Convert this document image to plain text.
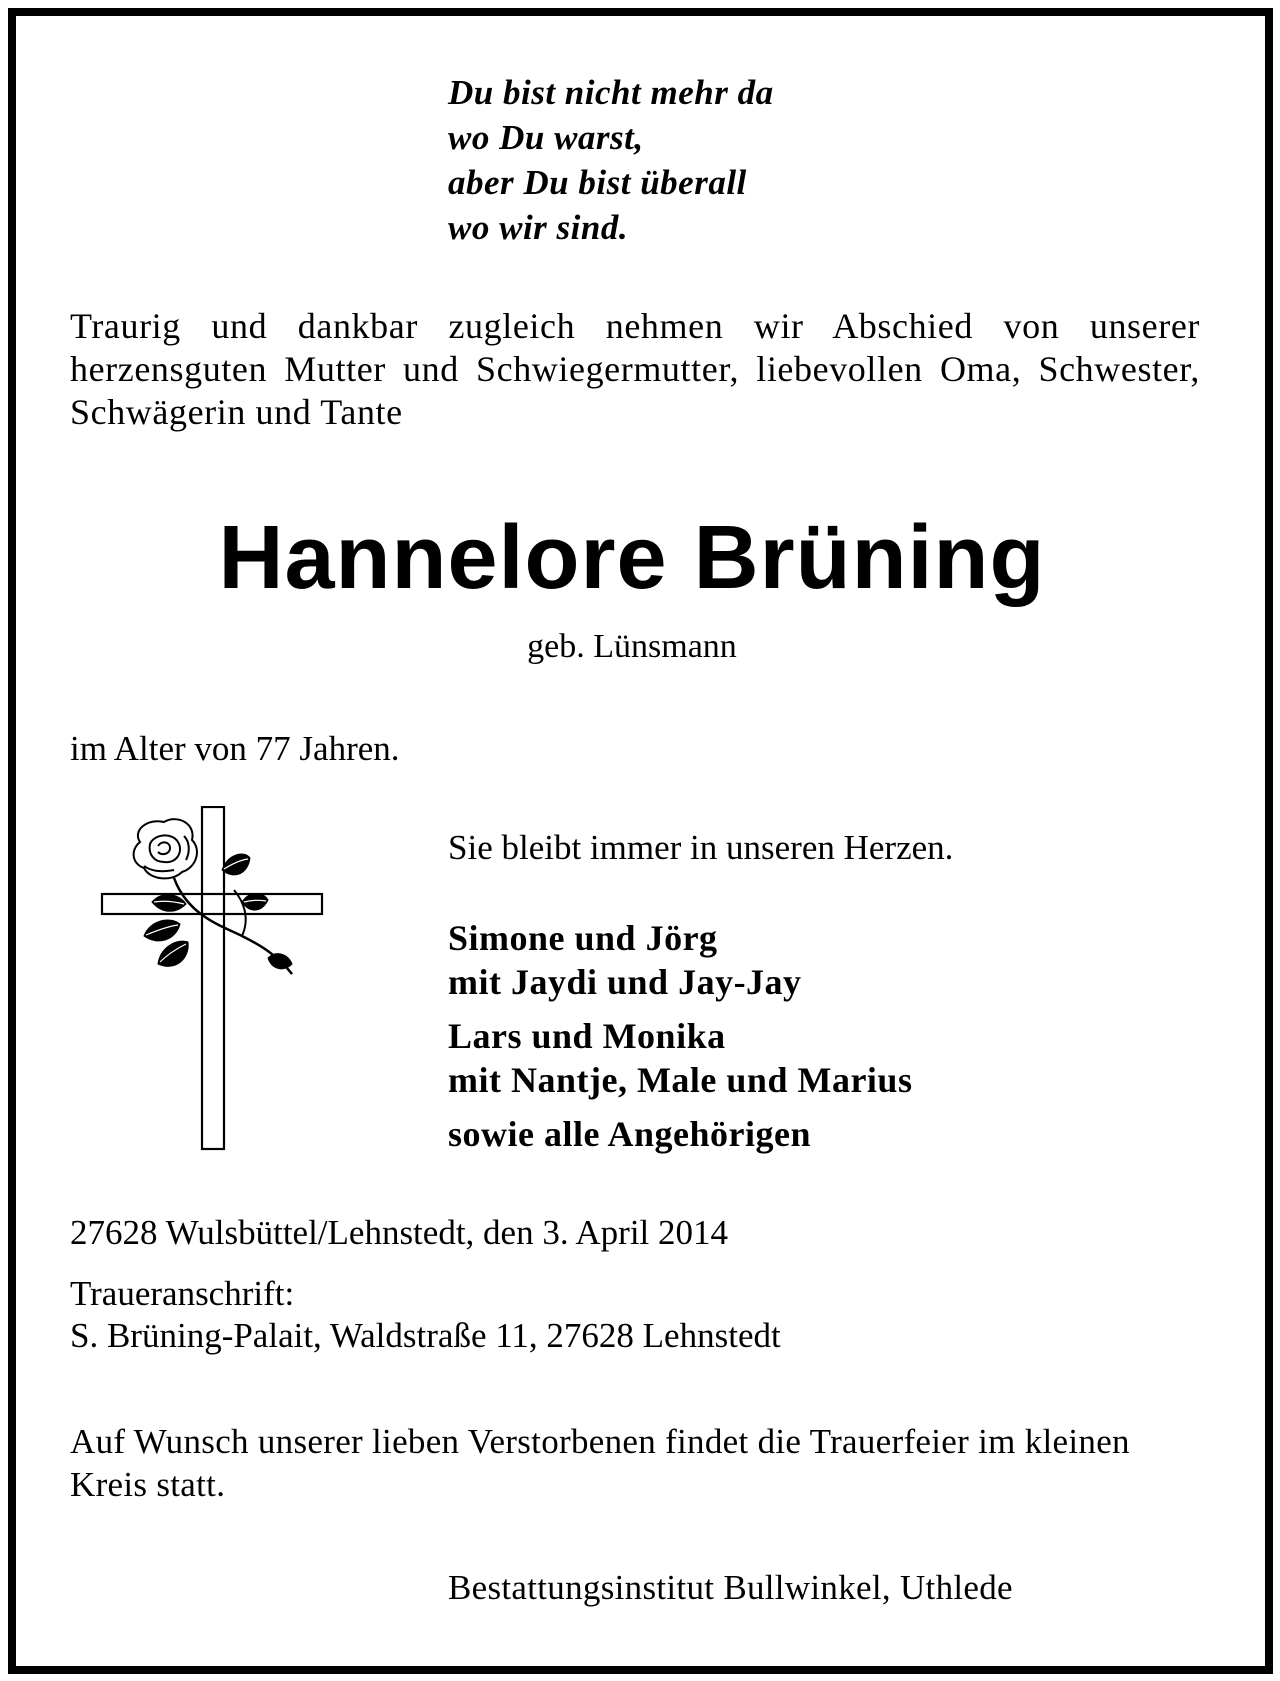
Du bist nicht mehr da
wo Du warst,
aber Du bist überall
wo wir sind.
Traurig und dankbar zugleich nehmen wir Abschied von unserer herzensguten Mutter und Schwiegermutter, liebevollen Oma, Schwester, Schwägerin und Tante
Hannelore Brüning
geb. Lünsmann
im Alter von 77 Jahren.
Sie bleibt immer in unseren Herzen.
Simone und Jörg
mit Jaydi und Jay-Jay
Lars und Monika
mit Nantje, Male und Marius
sowie alle Angehörigen
27628 Wulsbüttel/Lehnstedt, den 3. April 2014
Traueranschrift:
S. Brüning-Palait, Waldstraße 11, 27628 Lehnstedt
Auf Wunsch unserer lieben Verstorbenen findet die Trauerfeier im kleinen Kreis statt.
Bestattungsinstitut Bullwinkel, Uthlede
